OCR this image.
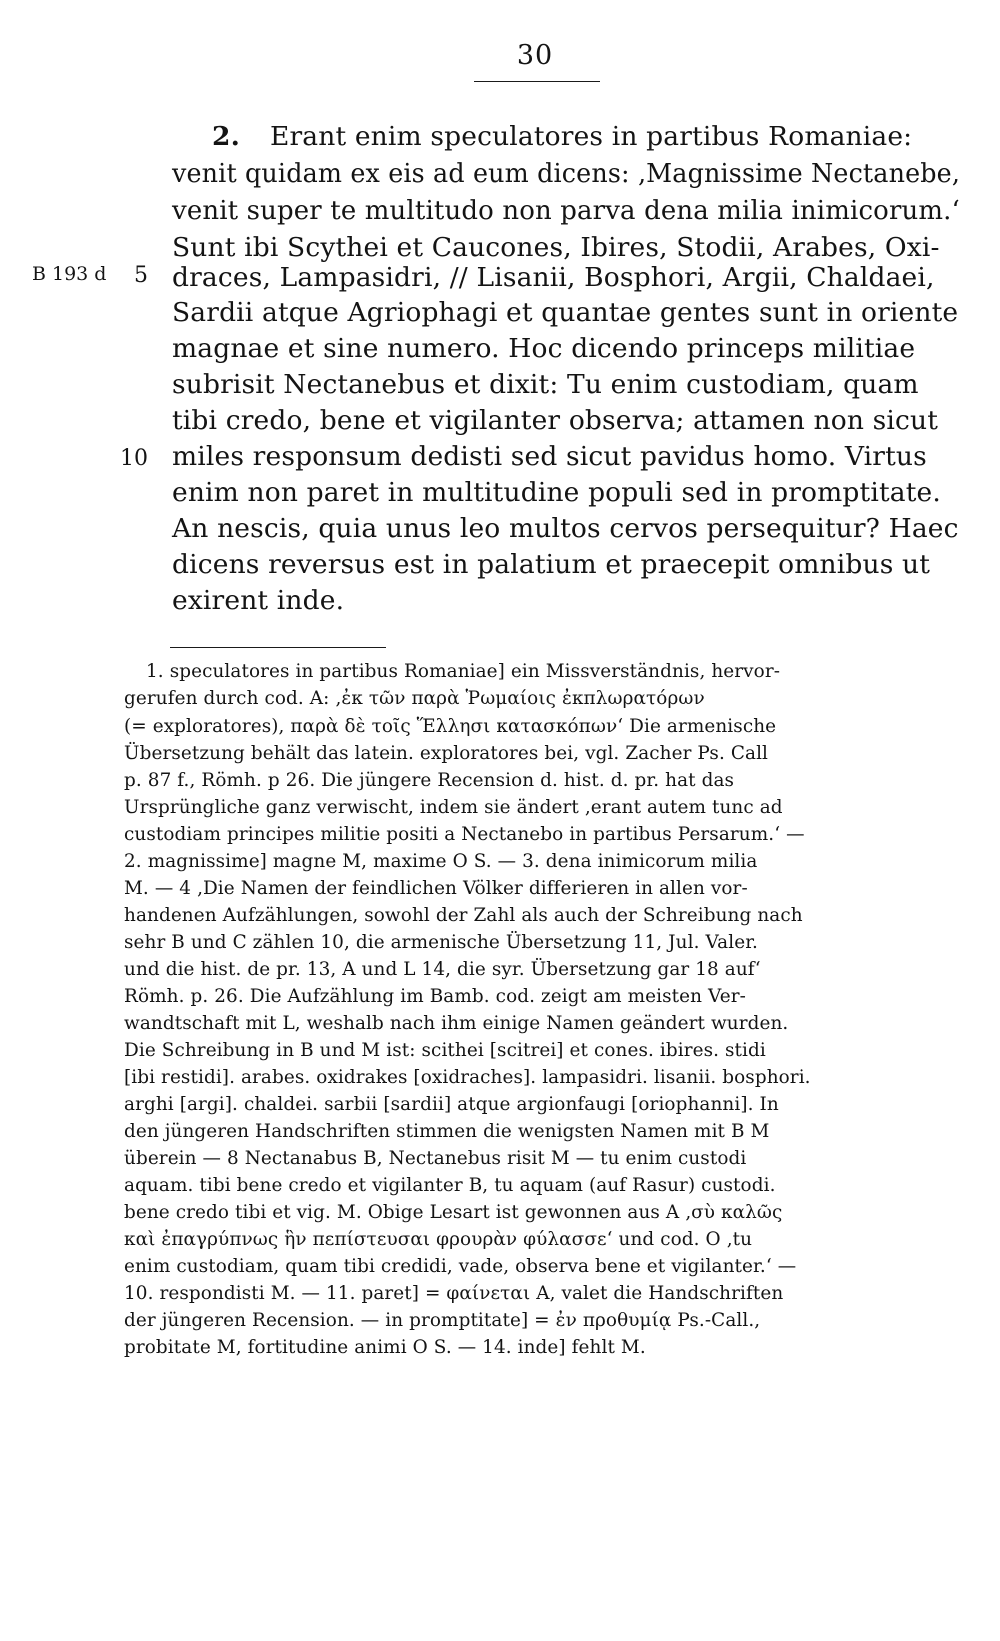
30
B 193 d 5
10
2. Erant enim speculatores in partibus Romaniae:
venit quidam ex eis ad eum dicens: ‚Magnissime Nectanebe,
venit super te multitudo non parva dena milia inimicorum.‘
Sunt ibi Scythei et Caucones, Ibires, Stodii, Arabes, Oxi-
draces, Lampasidri, // Lisanii, Bosphori, Argii, Chaldaei,
Sardii atque Agriophagi et quantae gentes sunt in oriente
magnae et sine numero. Hoc dicendo princeps militiae
subrisit Nectanebus et dixit: Tu enim custodiam, quam
tibi credo, bene et vigilanter observa; attamen non sicut
miles responsum dedisti sed sicut pavidus homo. Virtus
enim non paret in multitudine populi sed in promptitate.
An nescis, quia unus leo multos cervos persequitur? Haec
dicens reversus est in palatium et praecepit omnibus ut
exirent inde.
1. speculatores in partibus Romaniae] ein Missverständnis, hervor-
gerufen durch cod. A: ‚ἐκ τῶν παρὰ Ῥωμαίοις ἐκπλωρατόρων
(= exploratores), παρὰ δὲ τοῖς Ἕλλησι κατασκόπων‘ Die armenische
Übersetzung behält das latein. exploratores bei, vgl. Zacher Ps. Call
p. 87 f., Römh. p 26. Die jüngere Recension d. hist. d. pr. hat das
Ursprüngliche ganz verwischt, indem sie ändert ‚erant autem tunc ad
custodiam principes militie positi a Nectanebo in partibus Persarum.‘ —
2. magnissime] magne M, maxime O S. — 3. dena inimicorum milia
M. — 4 ‚Die Namen der feindlichen Völker differieren in allen vor-
handenen Aufzählungen, sowohl der Zahl als auch der Schreibung nach
sehr B und C zählen 10, die armenische Übersetzung 11, Jul. Valer.
und die hist. de pr. 13, A und L 14, die syr. Übersetzung gar 18 auf‘
Römh. p. 26. Die Aufzählung im Bamb. cod. zeigt am meisten Ver-
wandtschaft mit L, weshalb nach ihm einige Namen geändert wurden.
Die Schreibung in B und M ist: scithei [scitrei] et cones. ibires. stidi
[ibi restidi]. arabes. oxidrakes [oxidraches]. lampasidri. lisanii. bosphori.
arghi [argi]. chaldei. sarbii [sardii] atque argionfaugi [oriophanni]. In
den jüngeren Handschriften stimmen die wenigsten Namen mit B M
überein — 8 Nectanabus B, Nectanebus risit M — tu enim custodi
aquam. tibi bene credo et vigilanter B, tu aquam (auf Rasur) custodi.
bene credo tibi et vig. M. Obige Lesart ist gewonnen aus A ‚σὺ καλῶς
καὶ ἐπαγρύπνως ἣν πεπίστευσαι φρουρὰν φύλασσε‘ und cod. O ‚tu
enim custodiam, quam tibi credidi, vade, observa bene et vigilanter.‘ —
10. respondisti M. — 11. paret] = φαίνεται A, valet die Handschriften
der jüngeren Recension. — in promptitate] = ἐν προθυμίᾳ Ps.-Call.,
probitate M, fortitudine animi O S. — 14. inde] fehlt M.
